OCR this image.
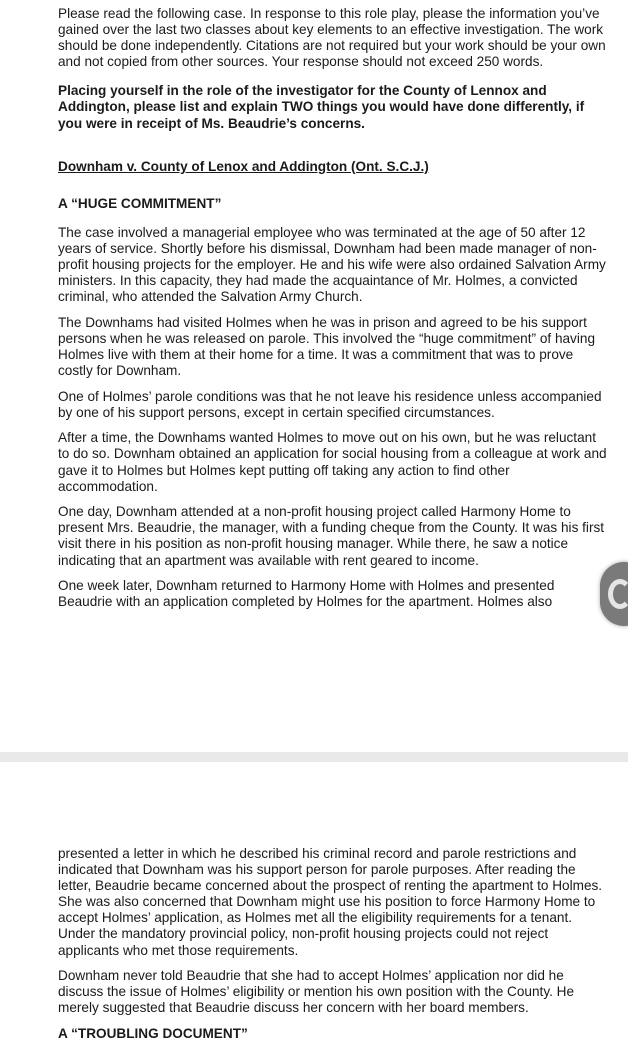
Please read the following case. In response to this role play, please the information you’ve gained over the last two classes about key elements to an effective investigation. The work should be done independently. Citations are not required but your work should be your own and not copied from other sources. Your response should not exceed 250 words.

Placing yourself in the role of the investigator for the County of Lennox and Addington, please list and explain TWO things you would have done differently, if you were in receipt of Ms. Beaudrie’s concerns.

Downham v. County of Lenox and Addington (Ont. S.C.J.)

A “HUGE COMMITMENT”

The case involved a managerial employee who was terminated at the age of 50 after 12 years of service. Shortly before his dismissal, Downham had been made manager of non-profit housing projects for the employer. He and his wife were also ordained Salvation Army ministers. In this capacity, they had made the acquaintance of Mr. Holmes, a convicted criminal, who attended the Salvation Army Church.

The Downhams had visited Holmes when he was in prison and agreed to be his support persons when he was released on parole. This involved the “huge commitment” of having Holmes live with them at their home for a time. It was a commitment that was to prove costly for Downham.

One of Holmes’ parole conditions was that he not leave his residence unless accompanied by one of his support persons, except in certain specified circumstances.

After a time, the Downhams wanted Holmes to move out on his own, but he was reluctant to do so. Downham obtained an application for social housing from a colleague at work and gave it to Holmes but Holmes kept putting off taking any action to find other accommodation.

One day, Downham attended at a non-profit housing project called Harmony Home to present Mrs. Beaudrie, the manager, with a funding cheque from the County. It was his first visit there in his position as non-profit housing manager. While there, he saw a notice indicating that an apartment was available with rent geared to income.

One week later, Downham returned to Harmony Home with Holmes and presented Beaudrie with an application completed by Holmes for the apartment. Holmes also

presented a letter in which he described his criminal record and parole restrictions and indicated that Downham was his support person for parole purposes. After reading the letter, Beaudrie became concerned about the prospect of renting the apartment to Holmes. She was also concerned that Downham might use his position to force Harmony Home to accept Holmes’ application, as Holmes met all the eligibility requirements for a tenant. Under the mandatory provincial policy, non-profit housing projects could not reject applicants who met those requirements.

Downham never told Beaudrie that she had to accept Holmes’ application nor did he discuss the issue of Holmes’ eligibility or mention his own position with the County. He merely suggested that Beaudrie discuss her concern with her board members.

A “TROUBLING DOCUMENT”
